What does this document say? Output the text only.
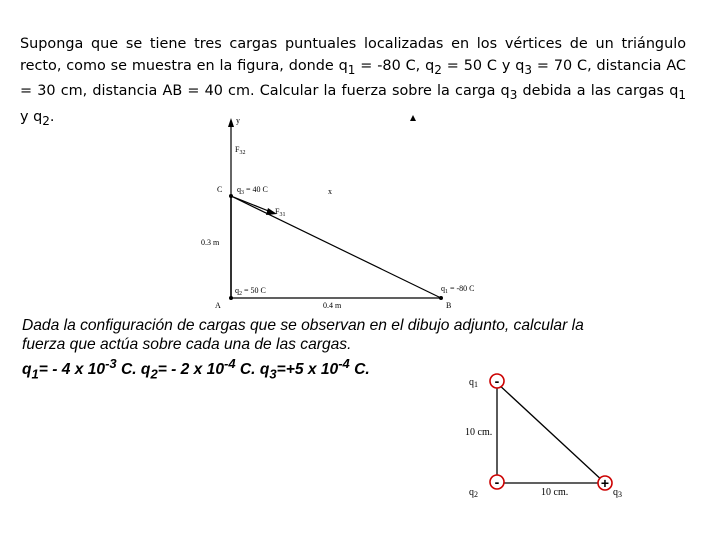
Suponga que se tiene tres cargas puntuales localizadas en los vértices de un triángulo recto, como se muestra en la figura, donde $q_1 = -80$ C, $q_2 = 50$ C y $q_3 = 70$ C, distancia AC = 30 cm, distancia AB = 40 cm. Calcular la fuerza sobre la carga $q_3$ debida a las cargas $q_1$ y $q_2$.	y
$F_{32}$
x
$q_3 = 40$ C
C
$F_{31}$
0.3 m
$q_2 = 50$ C	$q_1 = -80$ C
A	0.4 m	B
Dada la configuración de cargas que se observan en el dibujo adjunto, calcular la
fuerza que actúa sobre cada una de las cargas.
$q_1= - 4$ x $10^{-3}$ C. $q_2= - 2$ x $10^{-4}$ C. $q_3=+5$ x $10^{-4}$ C.
-
-	+
$q_1$
10 cm.
$q_2$	10 cm.	$q_3$
